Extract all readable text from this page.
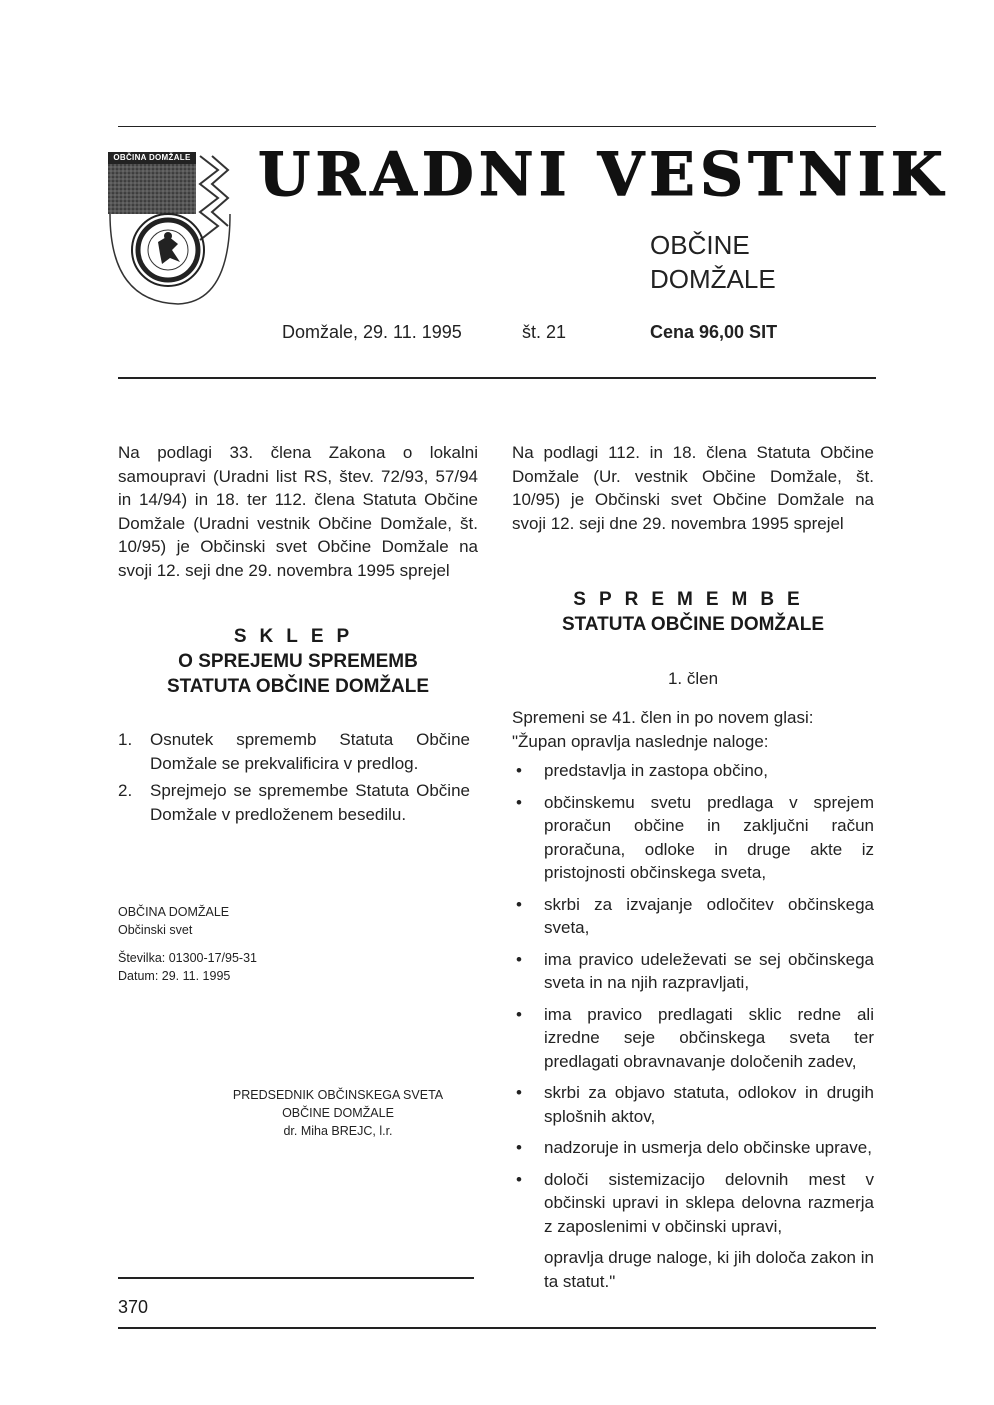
OBČINA DOMŽALE URADNI VESTNIK
OBČINE
DOMŽALE
Domžale, 29. 11. 1995	št. 21	Cena 96,00 SIT
Na podlagi 33. člena Zakona o lokalni samoupravi (Uradni list RS, štev. 72/93, 57/94 in 14/94) in 18. ter 112. člena Statuta Občine Domžale (Uradni vestnik Občine Domžale, št. 10/95) je Občinski svet Občine Domžale na svoji 12. seji dne 29. novembra 1995 sprejel
SKLEP
O SPREJEMU SPREMEMB
STATUTA OBČINE DOMŽALE
1. Osnutek sprememb Statuta Občine Domžale se prekvalificira v predlog.
2. Sprejmejo se spremembe Statuta Občine Domžale v predloženem besedilu.
OBČINA DOMŽALE
Občinski svet
Številka: 01300-17/95-31
Datum: 29. 11. 1995
PREDSEDNIK OBČINSKEGA SVETA
OBČINE DOMŽALE
dr. Miha BREJC, l.r.
Na podlagi 112. in 18. člena Statuta Občine Domžale (Ur. vestnik Občine Domžale, št. 10/95) je Občinski svet Občine Domžale na svoji 12. seji dne 29. novembra 1995 sprejel
SPREMEMBE
STATUTA OBČINE DOMŽALE
1. člen
Spremeni se 41. člen in po novem glasi:
"Župan opravlja naslednje naloge:
• predstavlja in zastopa občino,
• občinskemu svetu predlaga v sprejem proračun občine in zaključni račun proračuna, odloke in druge akte iz pristojnosti občinskega sveta,
• skrbi za izvajanje odločitev občinskega sveta,
• ima pravico udeleževati se sej občinskega sveta in na njih razpravljati,
• ima pravico predlagati sklic redne ali izredne seje občinskega sveta ter predlagati obravnavanje določenih zadev,
• skrbi za objavo statuta, odlokov in drugih splošnih aktov,
• nadzoruje in usmerja delo občinske uprave,
• določi sistemizacijo delovnih mest v občinski upravi in sklepa delovna razmerja z zaposlenimi v občinski upravi,
opravlja druge naloge, ki jih določa zakon in ta statut."
370
